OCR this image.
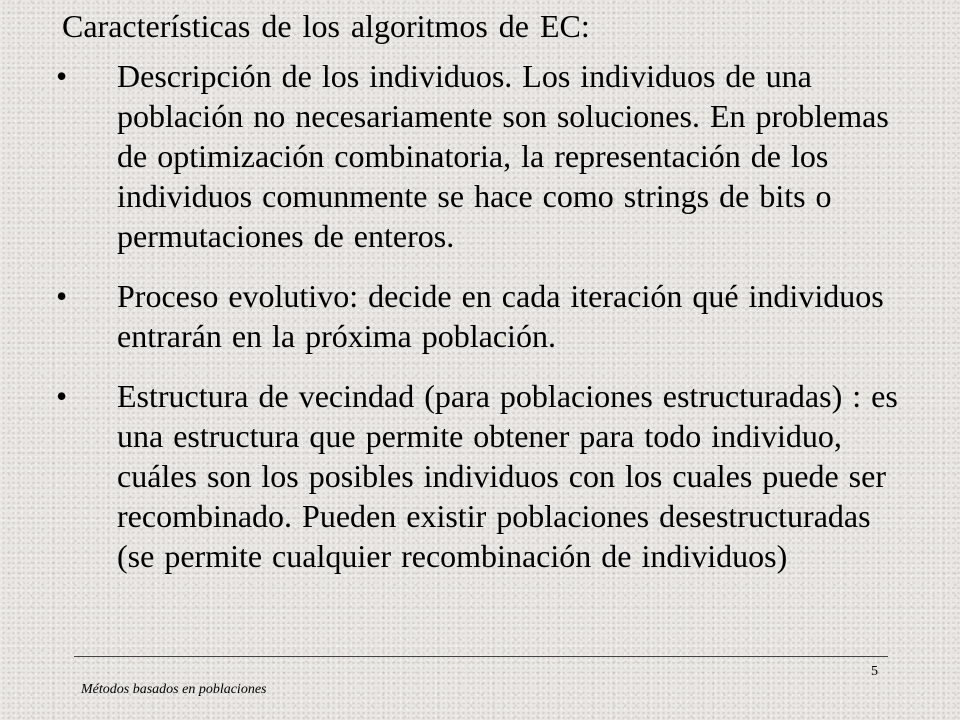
Características de los algoritmos de EC:
• Descripción de los individuos. Los individuos de una población no necesariamente son soluciones. En problemas de optimización combinatoria, la representación de los individuos comunmente se hace como strings de bits o permutaciones de enteros.
• Proceso evolutivo: decide en cada iteración qué individuos entrarán en la próxima población.
• Estructura de vecindad (para poblaciones estructuradas) : es una estructura que permite obtener para todo individuo, cuáles son los posibles individuos con los cuales puede ser recombinado. Pueden existir poblaciones desestructuradas (se permite cualquier recombinación de individuos)
5
Métodos basados en poblaciones
